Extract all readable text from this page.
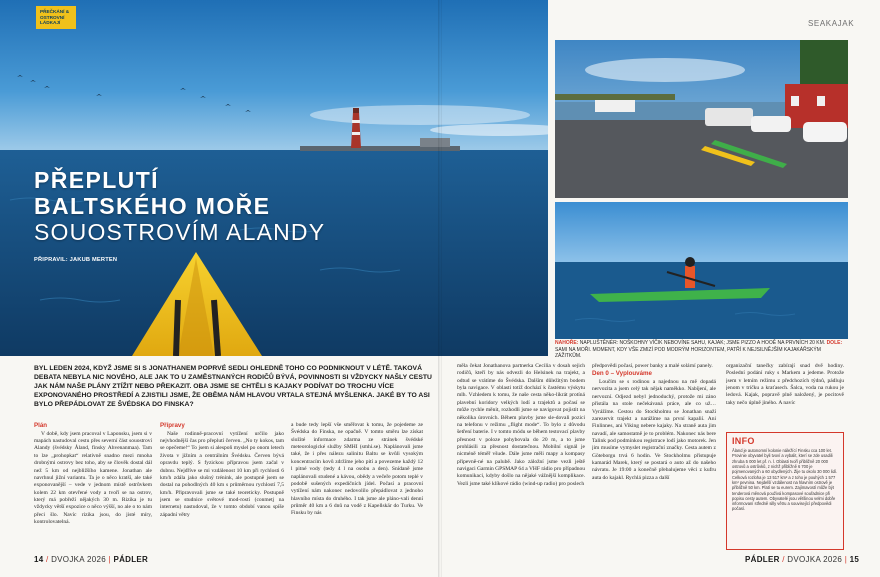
PŘEČKÁNÍ & OSTROVNÍ LÁDKAJÍ
PŘEPLUTÍ
BALTSKÉHO MOŘE
SOUOSTROVÍM ALANDY
PŘIPRAVIL: JAKUB MERTEN
SEAKAJAK
NAHOŘE: NAPLUŠTĚNÉR: NOŠKOHNY VÍČIK NEBOVÍNE SAHU, KAJAK; JSME PIZZO A HOOĚ NA PRVNÍCH 20 KM. DOLE: SAMI NA MOŘI. MOMENT, KDY VŠE ZMIZÍ POD MODRÝM HORIZONTEM, PATŘÍ K NEJSILNĚJŠÍM KAJAKÁŘSKÝM ZÁŽITKŮM.

BYL LEDEN 2024, KDYŽ JSME SI S JONATHANEM POPRVÉ SEDLI OHLEDNĚ TOHO CO PODNIKNOUT V LÉTĚ. TAKOVÁ DEBATA NEBYLA NIC NOVÉHO, ALE JAK TO U ZAMĚSTNANÝCH RODIČŮ BÝVÁ, POVINNOSTI SI VŽDYCKY NAŠLY CESTU JAK NÁM NAŠE PLÁNY ZTÍŽIT NEBO PŘEKAZIT. OBA JSME SE CHTĚLI S KAJAKY PODÍVAT DO TROCHU VÍCE EXPONOVANÉHO PROSTŘEDÍ A ZJISTILI JSME, ŽE OBĚMA NÁM HLAVOU VRTALA STEJNÁ MYŠLENKA. JAKÉ BY TO ASI BYLO PŘEPÁDLOVAT ZE ŠVÉDSKA DO FINSKA?

Plán

V době, kdy jsem pracoval v Laponsku, jsem si v mapách nastudoval cestu přes severní část souostroví Alandy (švédsky Åland, finsky Ahvenanmaa). Tam to lze „prohopkat“ relativně snadno mezi mnoha drobnými ostrovy bez toho, aby se člověk dostal dál než 5 km od nejbližšího kamene. Jonathan ale navrhnul jižní variantu. Ta je o něco kratší, ale také exponovanější – vede v jednom místě ostrůvkem kolem 22 km otevřené vody a tvoří se na ostrov, který má pobřeží nějakých 30 m. Rizika je tu vždycky větší expozice o něco výšší, no ale o to nám přeci šlo. Navíc rizika jsou, do jisté míry, kontrolovatelná.

Přípravy

Naše rodinně-pracovní vytížení určilo jako nejvhodnější čas pro přeplutí červen. „No ty kokos, tam se opečeme!“ To jsem si alespoň myslel po onom letech života v jižním a centrálním Švédsku. Červen bývá opravdu teplý. S fyzickou přípravou jsem začal v dubnu. Nejdříve se mi vzdálenost 10 km při rychlosti 6 km/h zdála jako slušný trénink, ale postupně jsem se dostal na pohodlných 40 km s průměrnou rychlostí 7,5 km/h. Připravovali jsme se také teoreticky. Postupně jsem se studnice světové mod-rostí (conmetj na internetu) nastudoval, že v tomto období vanou spíše západní větry

a bude tedy lepší vše směřovat k tomu, že pojedeme ze Švédska do Finska, ne opačně. V tomto směru lze získat složité informace zdarma ze stránek švédské meteorologické služby SMHI (smhi.se). Naplánovali jsme také, že i přes nálezu salinitu Baltu se kvůli vysokým koncentracím kovů zdržíme jeho pití a povezeme každý 12 l pitné vody (tedy 4 l na osobu a den). Snídaně jsme naplánovali studené a kávou, obědy a večeře potom teplé v podobě sušených expedičních jídel. Počasí a pracovní vytížení nám nakonec nedovolilo přepádlovat z jednoho hlavního místa do druhého. I tak jsme ale pláno-vali denní průměr 40 km a 6 dnů na vodě z Kapellskär do Turku. Ve Finsku by nás

měla čekat Jonathanova partnerka Cecilia v dosah sejich rodičů, kteří by nás odvezli do Helsinek na trajekt, a odtud se vrátíme do Švédska. Dalším důležitým bodem byla navigace. V oblasti totiž dochází k častému výskytu mlh. Vzhledem k tomu, že naše cesta něko-likrát protíná plavební koridory velkých lodí a trajektů a počasí se může rychle měnit, rozhodli jsme se navigovat pojistit na několika úrovních. Během plavby jsme sle-dovali pozici na telefonu v režimu „flight mode“. To bylo z důvodu šetření baterie. I v tomto módu se během testovací plavby přesnost v poloze pohybovala do 20 m, a to jsme prohlásili za přesnost dostatečnou. Mobilní signál je nicméně téměř všude. Dále jsme měli mapy a kompasy připevně-né na palubě. Jako záložní jsme vezli ještě navigaci Garmin GPSMAP 64 a VHF rádio pro případnou komunikaci, kdyby došlo na nějaké vážnější komplikace. Vezli jsme také klíkové rádio (wind-up radio) pro poslech

předpovědi počasí, power banky a malé solární panely.

Den 0 – Vyplouváme

Loučím se s rodinou a najednou na mě dopadá nervozita a jsem celý tak nějak naměkko. Nabíjení, ale nervozní. Odjezd nebyl jednoduchý, protože mi záno přistála na stole nečekávaná práce, ale co už… Vyrážíme. Cestou do Stockholmu se Jonathan snaží zarezervit trajekt a narážíme na první kapalií. Ani Finlinnes, ani Viking nebere kajaky. Na straně auta jim navadí, ale samostatně je to problém. Nakonec nás bere Talink pod podmínkou registrace lodí jako motorek. Jen jim musíme vymyslet registrační značky. Cesta autem z Göteborgu trvá 6 hodin. Ve Stockholmu přistupuje kamarád Marek, který se postará o auto až do našeho návratu. Je 19:00 a konečně přebalujeme věci z kufru auta do kajakl. Rychlá pizza a další

organizační tanečky zabírají snad dvě hodiny. Poslední podání ruky s Markem a jedeme. Protože jsem v letním režimu z předchozích týdnů, pádluju jenom v tričku a kraťasech. Šalca, voda na rukou je ledová. Kajak, popravě plně naložený, je pocitově taky nečo úplně jiného. A navíc

INFO

Åland je autonomní kolonie náležící Finsku cca 100 let. Provinie obyvatel byli tvoví a vybalit, kterí se zde usadili zhruba 5 000 let př. n. l. Oblasti tvoří přibližně 20 000 ostrovů a ostrůvků, z nichž přibližně 6 700 je pojmenovaných a 60 obydlených. Žije tu okolo 30 000 lidí. Celková rozloha je 13 517 km² a z toho je pouhých 1 577 km² pevnina. Nejdelší vzdálenost na hlavním ostrově je přibližně 50 km. Platí se tu eurem. Zajímavostí může být tenderová měnová použivá kompasové souřadnice při popisu cesty autem. Obyvatelé jsou většinou velmi dobře informovaní středně silly větru a související předpovědi počasí.

14 / DVOJKA 2026 | PÁDLER	PÁDLER / DVOJKA 2026 | 15
